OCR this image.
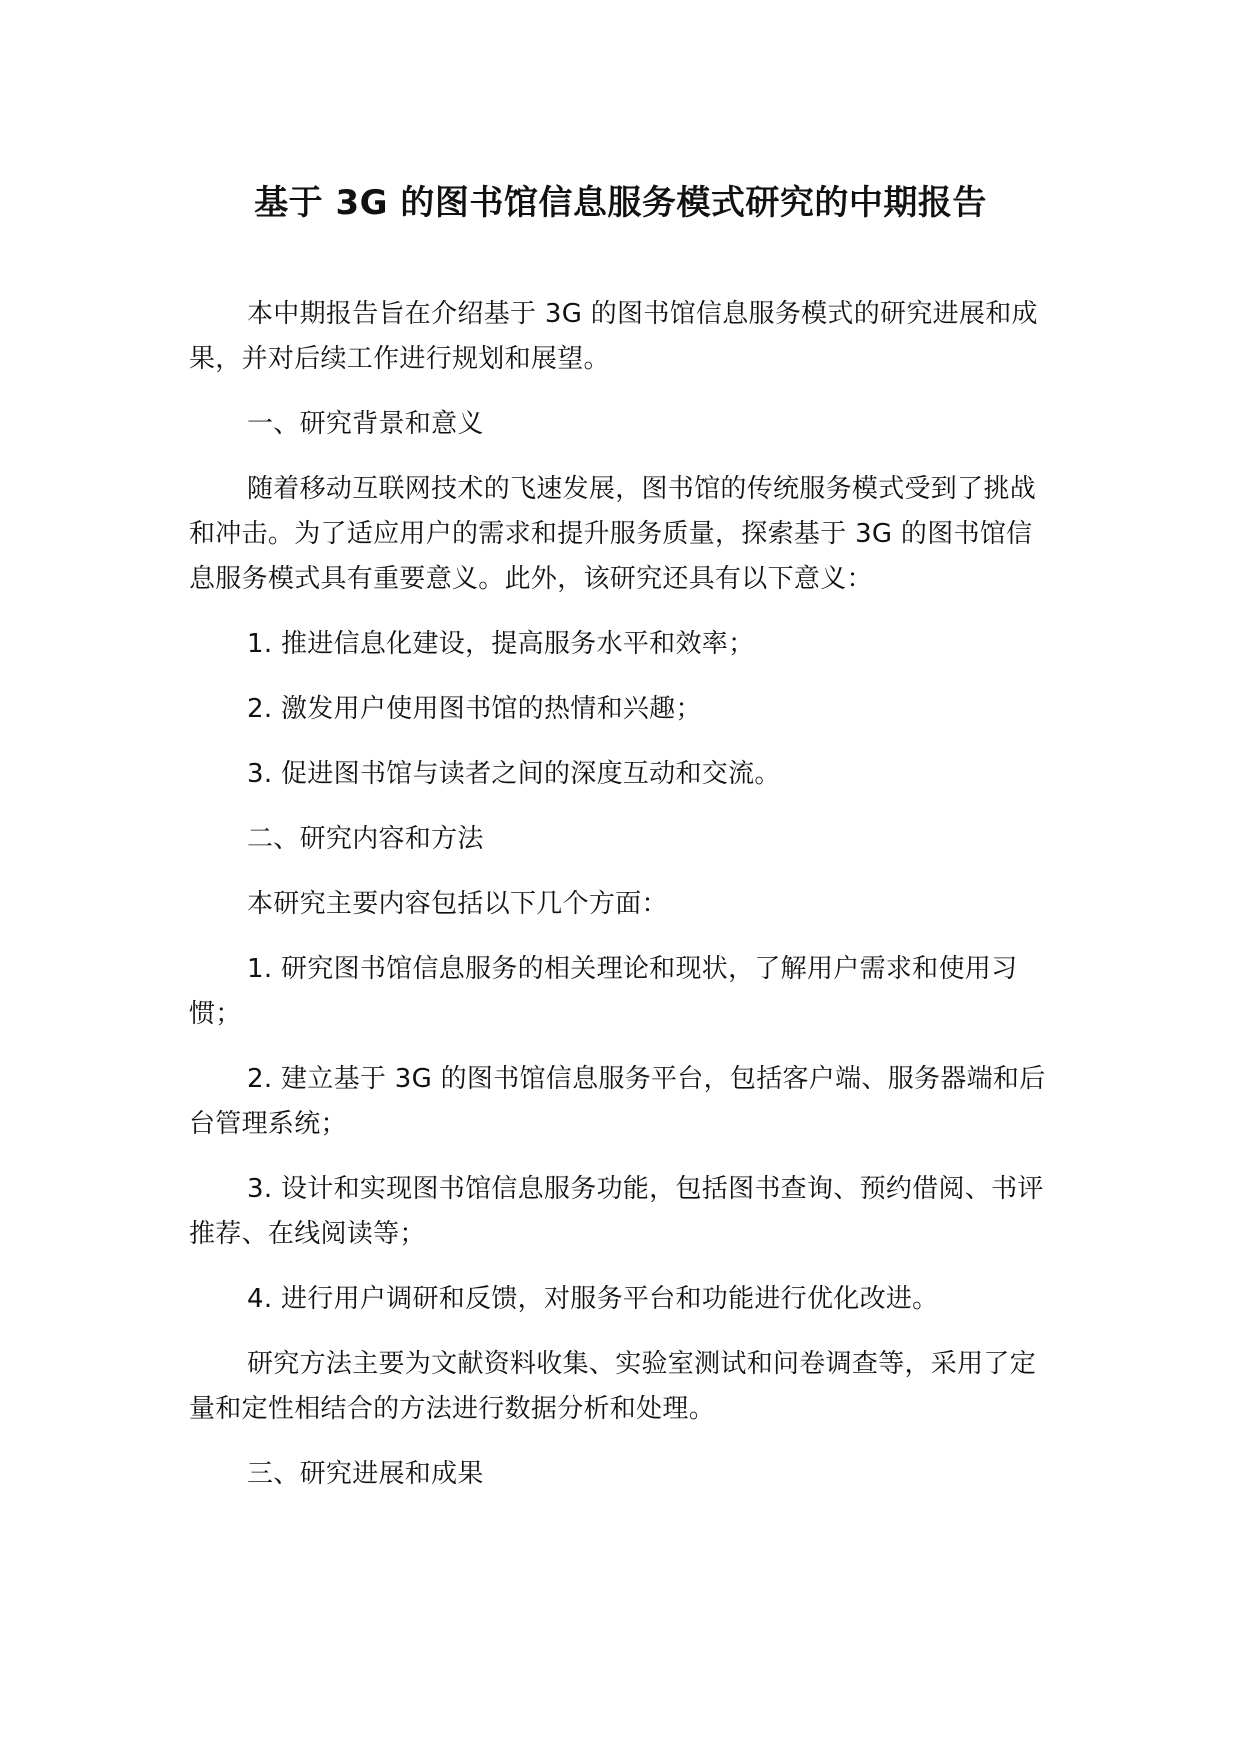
基于 3G 的图书馆信息服务模式研究的中期报告

本中期报告旨在介绍基于 3G 的图书馆信息服务模式的研究进展和成果，并对后续工作进行规划和展望。

一、研究背景和意义

随着移动互联网技术的飞速发展，图书馆的传统服务模式受到了挑战和冲击。为了适应用户的需求和提升服务质量，探索基于 3G 的图书馆信息服务模式具有重要意义。此外，该研究还具有以下意义：

1. 推进信息化建设，提高服务水平和效率；

2. 激发用户使用图书馆的热情和兴趣；

3. 促进图书馆与读者之间的深度互动和交流。

二、研究内容和方法

本研究主要内容包括以下几个方面：

1. 研究图书馆信息服务的相关理论和现状，了解用户需求和使用习惯；

2. 建立基于 3G 的图书馆信息服务平台，包括客户端、服务器端和后台管理系统；

3. 设计和实现图书馆信息服务功能，包括图书查询、预约借阅、书评推荐、在线阅读等；

4. 进行用户调研和反馈，对服务平台和功能进行优化改进。

研究方法主要为文献资料收集、实验室测试和问卷调查等，采用了定量和定性相结合的方法进行数据分析和处理。

三、研究进展和成果
